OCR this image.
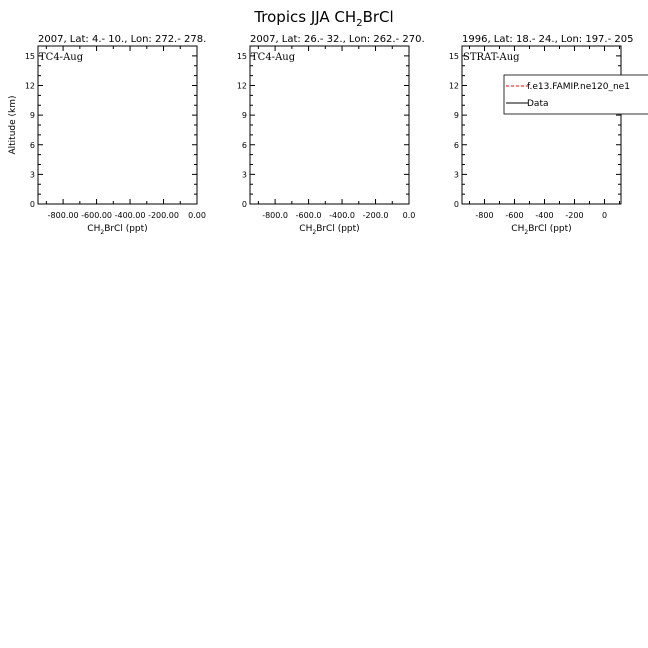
Tropics JJA $CH_2BrCl$
2007, Lat: 4.- 10., Lon: 272.- 278.
TC4-Aug
0
3
6
9
12
15
-800.00 -600.00 -400.00 -200.00 0.00
$CH_2BrCl$ (ppt)
Altitude (km)
2007, Lat: 26.- 32., Lon: 262.- 270.
TC4-Aug
0
3
6
9
12
15
-800.0 -600.0 -400.0 -200.0 0.0
$CH_2BrCl$ (ppt)
1996, Lat: 18.- 24., Lon: 197.- 205
STRAT-Aug
0
3
6
9
12
15
-800 -600 -400 -200 0
$CH_2BrCl$ (ppt)
f.e13.FAMIP.ne120_ne1
Data
